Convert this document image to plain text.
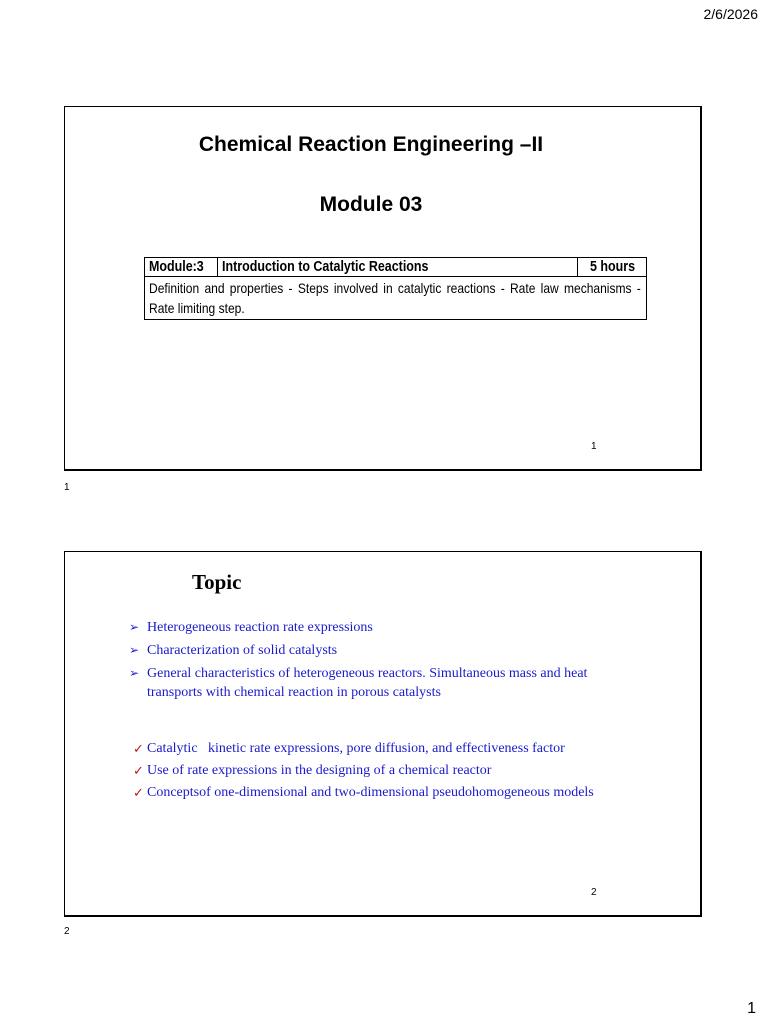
2/6/2026
Chemical Reaction Engineering –II
Module 03
Module:3	Introduction to Catalytic Reactions	5 hours
Definition and properties - Steps involved in catalytic reactions - Rate law mechanisms - Rate limiting step.
1
1
Topic
➢ Heterogeneous reaction rate expressions
➢ Characterization of solid catalysts
➢ General characteristics of heterogeneous reactors. Simultaneous mass and heat transports with chemical reaction in porous catalysts
✓ Catalytic   kinetic rate expressions, pore diffusion, and effectiveness factor
✓ Use of rate expressions in the designing of a chemical reactor
✓ Conceptsof one-dimensional and two-dimensional pseudohomogeneous models
2
2
1
